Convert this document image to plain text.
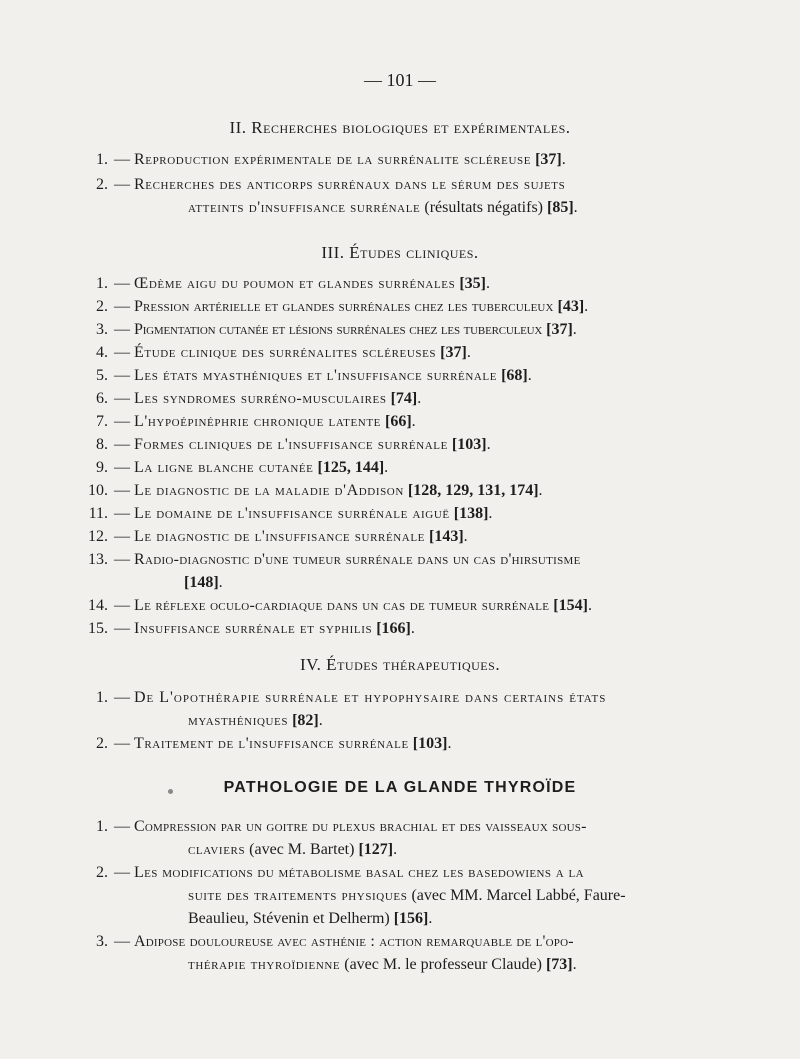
— 101 —
II. Recherches biologiques et expérimentales.
1. — Reproduction expérimentale de la surrénalite scléreuse [37].
2. — Recherches des anticorps surrénaux dans le sérum des sujets
atteints d'insuffisance surrénale (résultats négatifs) [85].
III. Études cliniques.
1. — Œdème aigu du poumon et glandes surrénales [35].
2. — Pression artérielle et glandes surrénales chez les tuberculeux [43].
3. — Pigmentation cutanée et lésions surrénales chez les tuberculeux [37].
4. — Étude clinique des surrénalites scléreuses [37].
5. — Les états myasthéniques et l'insuffisance surrénale [68].
6. — Les syndromes surréno-musculaires [74].
7. — L'hypoépinéphrie chronique latente [66].
8. — Formes cliniques de l'insuffisance surrénale [103].
9. — La ligne blanche cutanée [125, 144].
10. — Le diagnostic de la maladie d'Addison [128, 129, 131, 174].
11. — Le domaine de l'insuffisance surrénale aiguë [138].
12. — Le diagnostic de l'insuffisance surrénale [143].
13. — Radio-diagnostic d'une tumeur surrénale dans un cas d'hirsutisme
[148].
14. — Le réflexe oculo-cardiaque dans un cas de tumeur surrénale [154].
15. — Insuffisance surrénale et syphilis [166].
IV. Études thérapeutiques.
1. — De L'opothérapie surrénale et hypophysaire dans certains états
myasthéniques [82].
2. — Traitement de l'insuffisance surrénale [103].
PATHOLOGIE DE LA GLANDE THYROÏDE
1. — Compression par un goitre du plexus brachial et des vaisseaux sous-
claviers (avec M. Bartet) [127].
2. — Les modifications du métabolisme basal chez les basedowiens a la
suite des traitements physiques (avec MM. Marcel Labbé, Faure-
Beaulieu, Stévenin et Delherm) [156].
3. — Adipose douloureuse avec asthénie : action remarquable de l'opo-
thérapie thyroïdienne (avec M. le professeur Claude) [73].
